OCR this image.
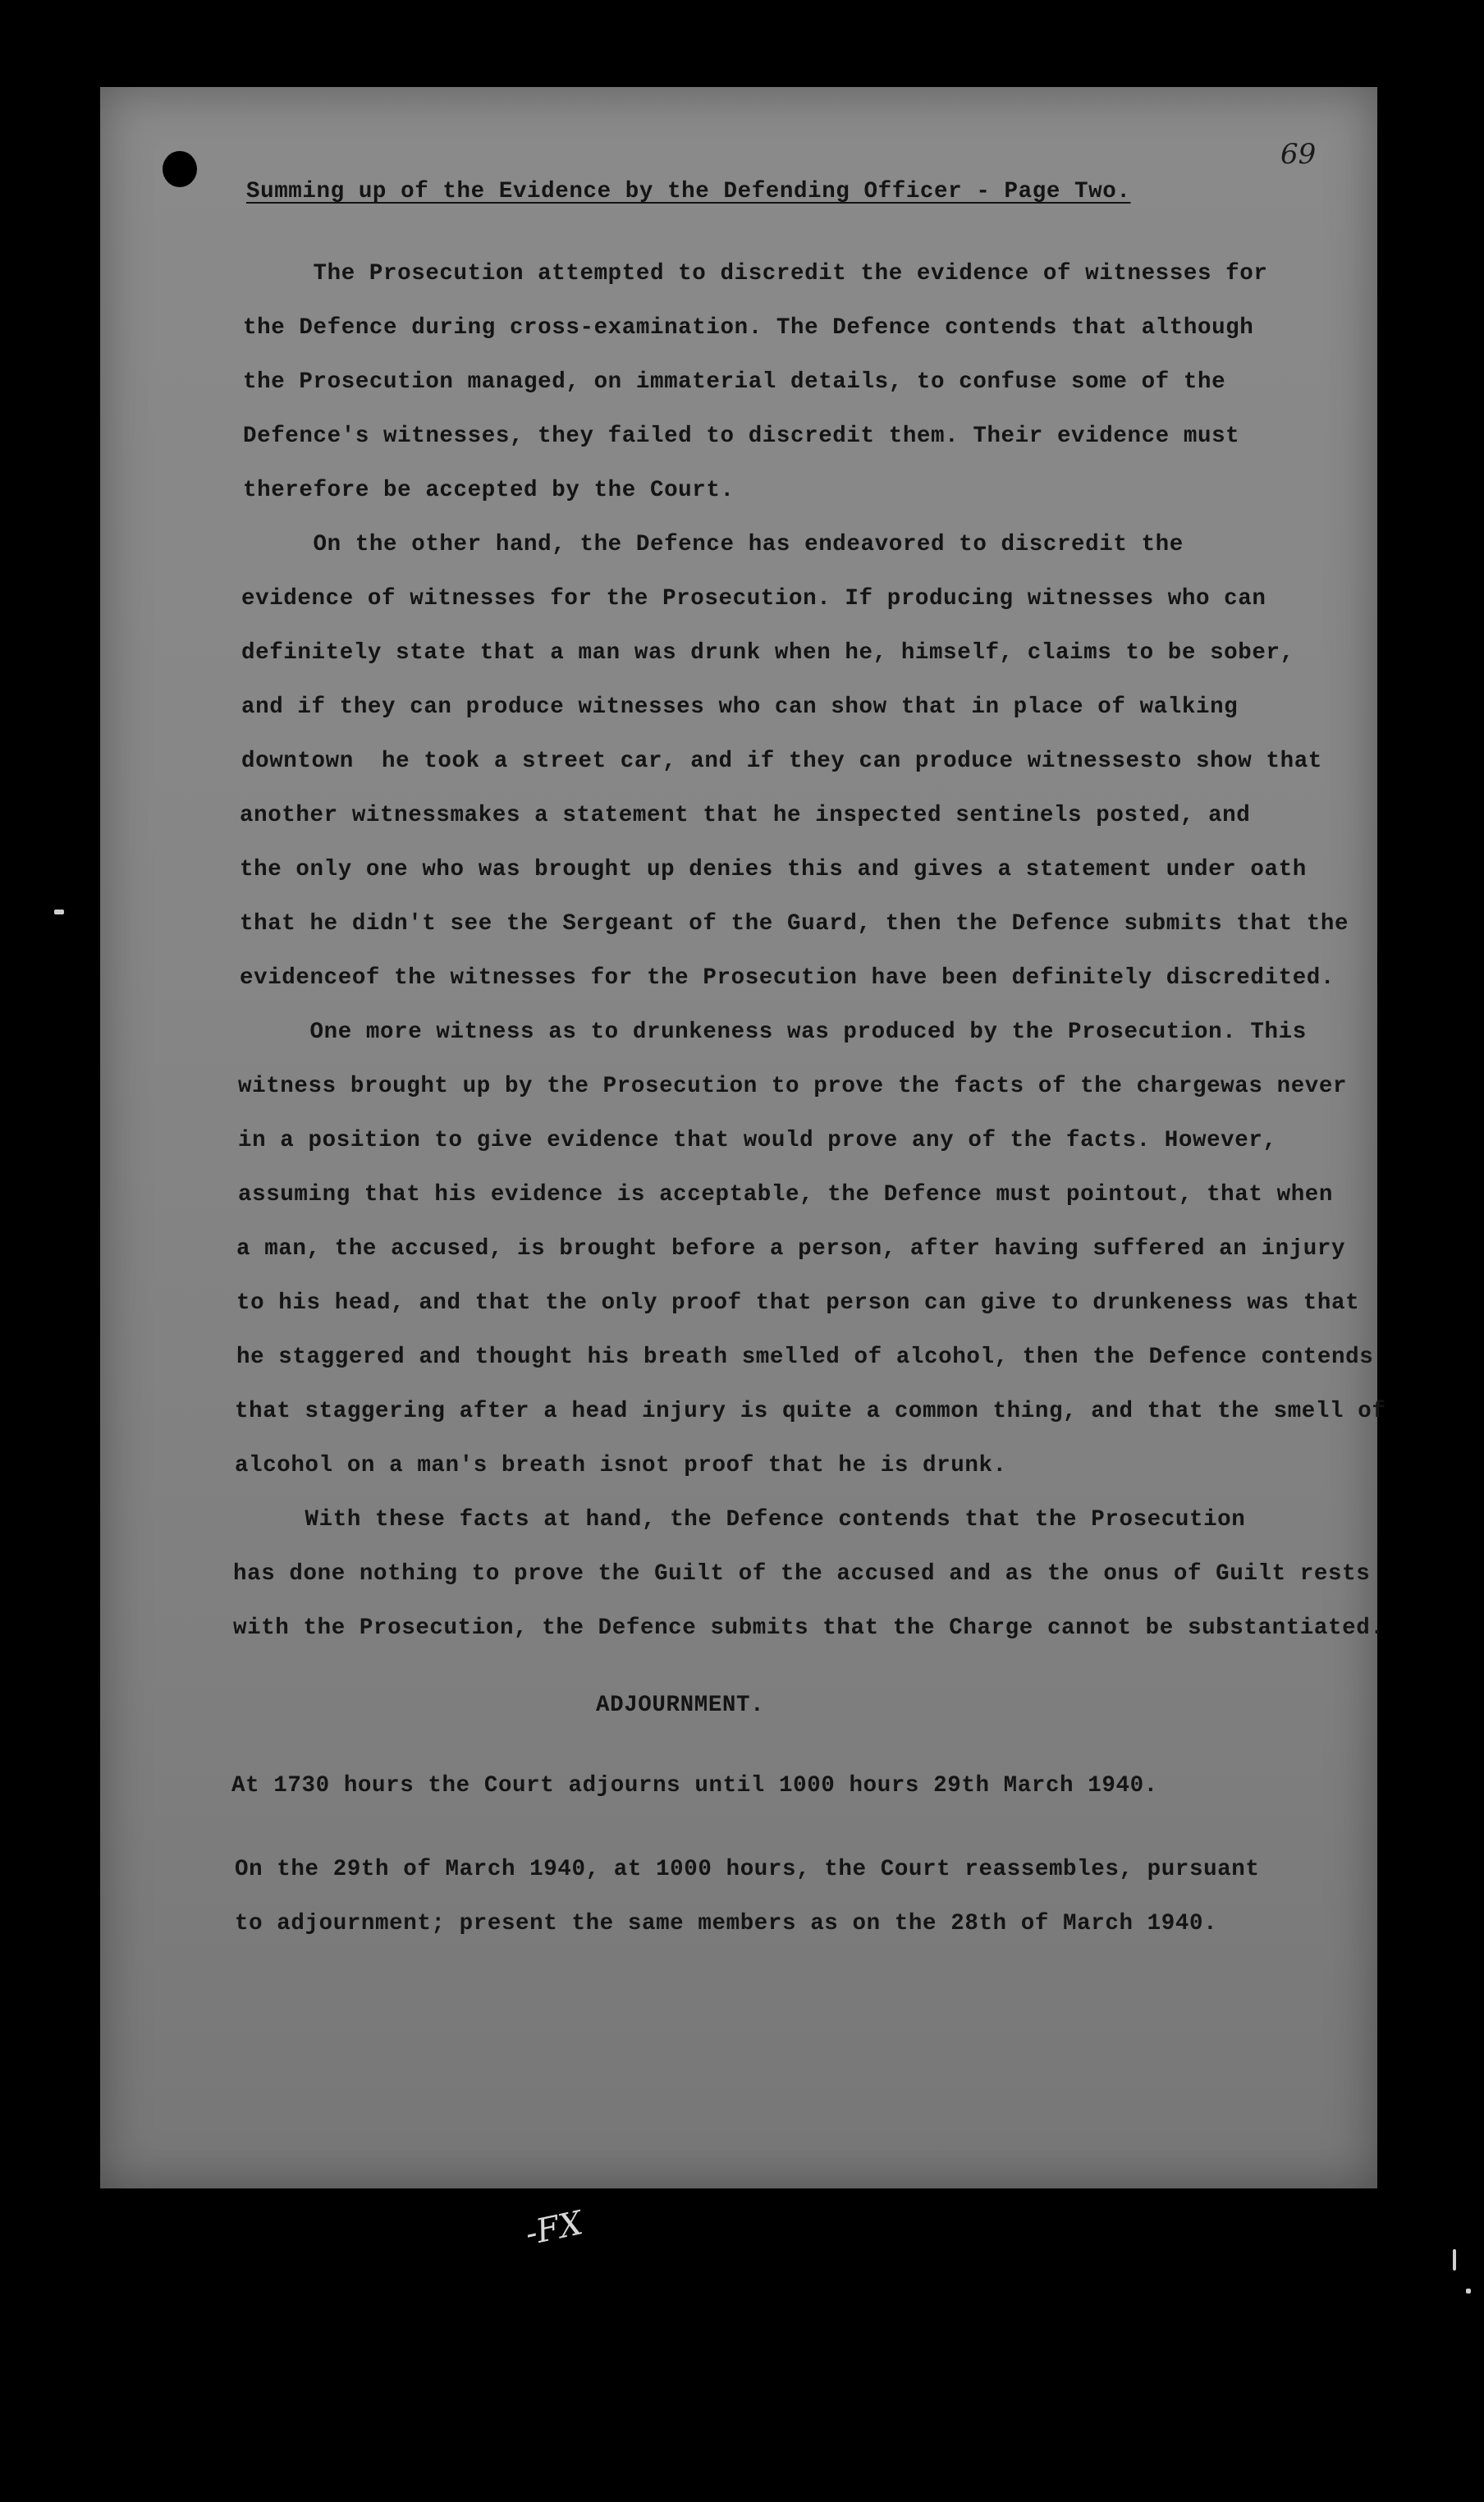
69
Summing up of the Evidence by the Defending Officer - Page Two.
The Prosecution attempted to discredit the evidence of witnesses for
the Defence during cross-examination. The Defence contends that although
the Prosecution managed, on immaterial details, to confuse some of the
Defence's witnesses, they failed to discredit them. Their evidence must
therefore be accepted by the Court.
On the other hand, the Defence has endeavored to discredit the
evidence of witnesses for the Prosecution. If producing witnesses who can
definitely state that a man was drunk when he, himself, claims to be sober,
and if they can produce witnesses who can show that in place of walking
downtown  he took a street car, and if they can produce witnessesto show that
another witnessmakes a statement that he inspected sentinels posted, and
the only one who was brought up denies this and gives a statement under oath
that he didn't see the Sergeant of the Guard, then the Defence submits that the
evidenceof the witnesses for the Prosecution have been definitely discredited.
One more witness as to drunkeness was produced by the Prosecution. This
witness brought up by the Prosecution to prove the facts of the chargewas never
in a position to give evidence that would prove any of the facts. However,
assuming that his evidence is acceptable, the Defence must pointout, that when
a man, the accused, is brought before a person, after having suffered an injury
to his head, and that the only proof that person can give to drunkeness was that
he staggered and thought his breath smelled of alcohol, then the Defence contends
that staggering after a head injury is quite a common thing, and that the smell of
alcohol on a man's breath isnot proof that he is drunk.
With these facts at hand, the Defence contends that the Prosecution
has done nothing to prove the Guilt of the accused and as the onus of Guilt rests
with the Prosecution, the Defence submits that the Charge cannot be substantiated.
ADJOURNMENT.
At 1730 hours the Court adjourns until 1000 hours 29th March 1940.
On the 29th of March 1940, at 1000 hours, the Court reassembles, pursuant
to adjournment; present the same members as on the 28th of March 1940.
-FX
